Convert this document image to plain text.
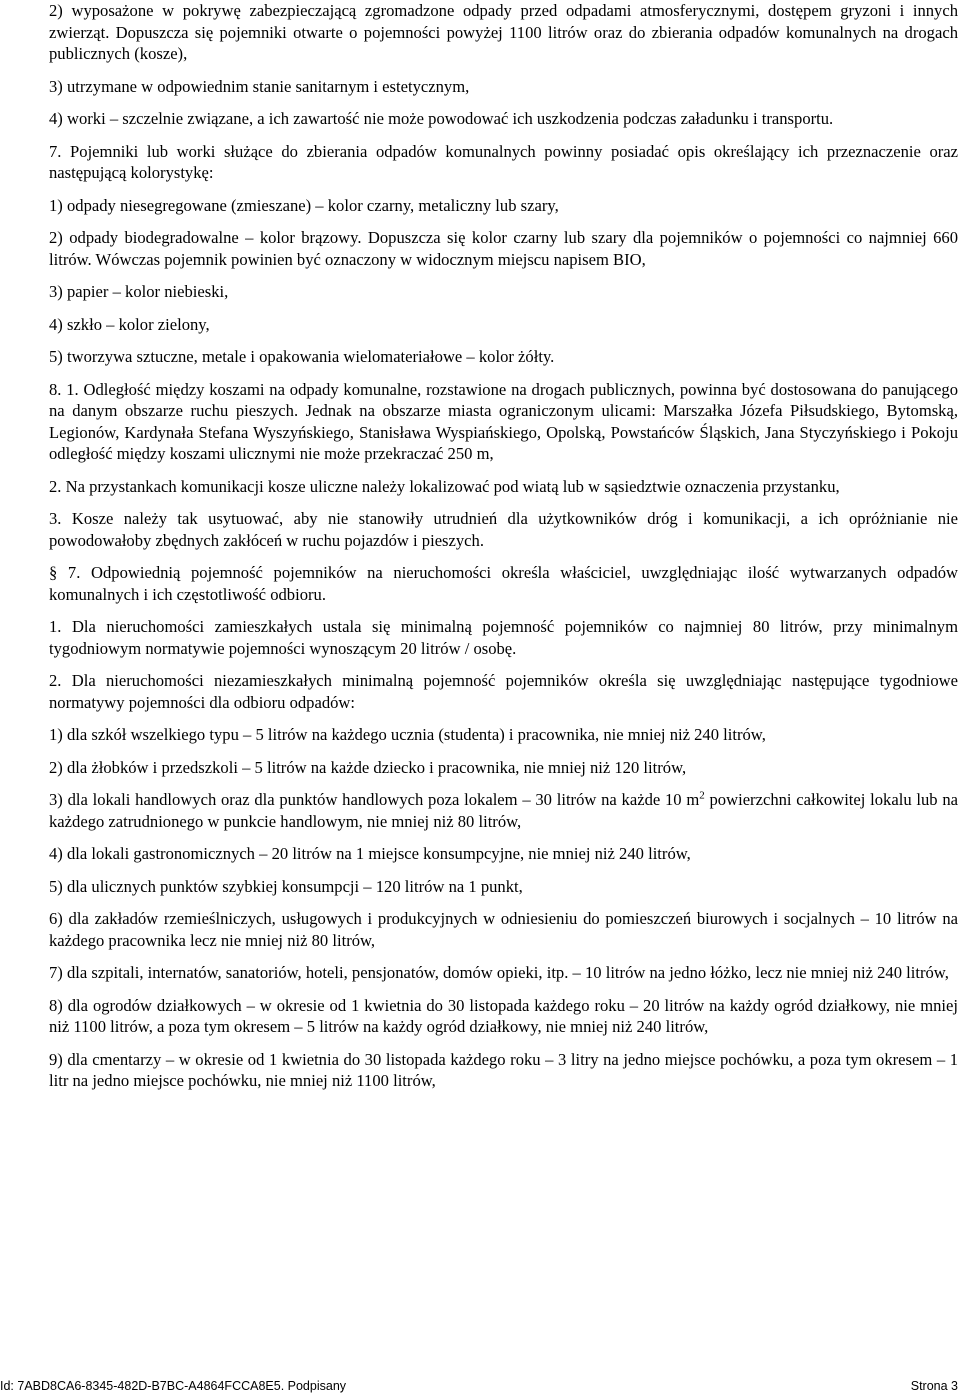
2) wyposażone w pokrywę zabezpieczającą zgromadzone odpady przed odpadami atmosferycznymi, dostępem gryzoni i innych zwierząt. Dopuszcza się pojemniki otwarte o pojemności powyżej 1100 litrów oraz do zbierania odpadów komunalnych na drogach publicznych (kosze),

3) utrzymane w odpowiednim stanie sanitarnym i estetycznym,

4) worki – szczelnie związane, a ich zawartość nie może powodować ich uszkodzenia podczas załadunku i transportu.

7. Pojemniki lub worki służące do zbierania odpadów komunalnych powinny posiadać opis określający ich przeznaczenie oraz następującą kolorystykę:

1) odpady niesegregowane (zmieszane) – kolor czarny, metaliczny lub szary,

2) odpady biodegradowalne – kolor brązowy. Dopuszcza się kolor czarny lub szary dla pojemników o pojemności co najmniej 660 litrów. Wówczas pojemnik powinien być oznaczony w widocznym miejscu napisem BIO,

3) papier – kolor niebieski,

4) szkło – kolor zielony,

5) tworzywa sztuczne, metale i opakowania wielomateriałowe – kolor żółty.

8. 1. Odległość między koszami na odpady komunalne, rozstawione na drogach publicznych, powinna być dostosowana do panującego na danym obszarze ruchu pieszych. Jednak na obszarze miasta ograniczonym ulicami: Marszałka Józefa Piłsudskiego, Bytomską, Legionów, Kardynała Stefana Wyszyńskiego, Stanisława Wyspiańskiego, Opolską, Powstańców Śląskich, Jana Styczyńskiego i Pokoju odległość między koszami ulicznymi nie może przekraczać 250 m,

2. Na przystankach komunikacji kosze uliczne należy lokalizować pod wiatą lub w sąsiedztwie oznaczenia przystanku,

3. Kosze należy tak usytuować, aby nie stanowiły utrudnień dla użytkowników dróg i komunikacji, a ich opróżnianie nie powodowałoby zbędnych zakłóceń w ruchu pojazdów i pieszych.

§ 7. Odpowiednią pojemność pojemników na nieruchomości określa właściciel, uwzględniając ilość wytwarzanych odpadów komunalnych i ich częstotliwość odbioru.

1. Dla nieruchomości zamieszkałych ustala się minimalną pojemność pojemników co najmniej 80 litrów, przy minimalnym tygodniowym normatywie pojemności wynoszącym 20 litrów / osobę.

2. Dla nieruchomości niezamieszkałych minimalną pojemność pojemników określa się uwzględniając następujące tygodniowe normatywy pojemności dla odbioru odpadów:

1) dla szkół wszelkiego typu – 5 litrów na każdego ucznia (studenta) i pracownika, nie mniej niż 240 litrów,

2) dla żłobków i przedszkoli – 5 litrów na każde dziecko i pracownika, nie mniej niż 120 litrów,

3) dla lokali handlowych oraz dla punktów handlowych poza lokalem – 30 litrów na każde 10 $m^2$ powierzchni całkowitej lokalu lub na każdego zatrudnionego w punkcie handlowym, nie mniej niż 80 litrów,

4) dla lokali gastronomicznych – 20 litrów na 1 miejsce konsumpcyjne, nie mniej niż 240 litrów,

5) dla ulicznych punktów szybkiej konsumpcji – 120 litrów na 1 punkt,

6) dla zakładów rzemieślniczych, usługowych i produkcyjnych w odniesieniu do pomieszczeń biurowych i socjalnych – 10 litrów na każdego pracownika lecz nie mniej niż 80 litrów,

7) dla szpitali, internatów, sanatoriów, hoteli, pensjonatów, domów opieki, itp. – 10 litrów na jedno łóżko, lecz nie mniej niż 240 litrów,

8) dla ogrodów działkowych – w okresie od 1 kwietnia do 30 listopada każdego roku – 20 litrów na każdy ogród działkowy, nie mniej niż 1100 litrów, a poza tym okresem – 5 litrów na każdy ogród działkowy, nie mniej niż 240 litrów,

9) dla cmentarzy – w okresie od 1 kwietnia do 30 listopada każdego roku – 3 litry na jedno miejsce pochówku, a poza tym okresem – 1 litr na jedno miejsce pochówku, nie mniej niż 1100 litrów,

Id: 7ABD8CA6-8345-482D-B7BC-A4864FCCA8E5. Podpisany	Strona 3
